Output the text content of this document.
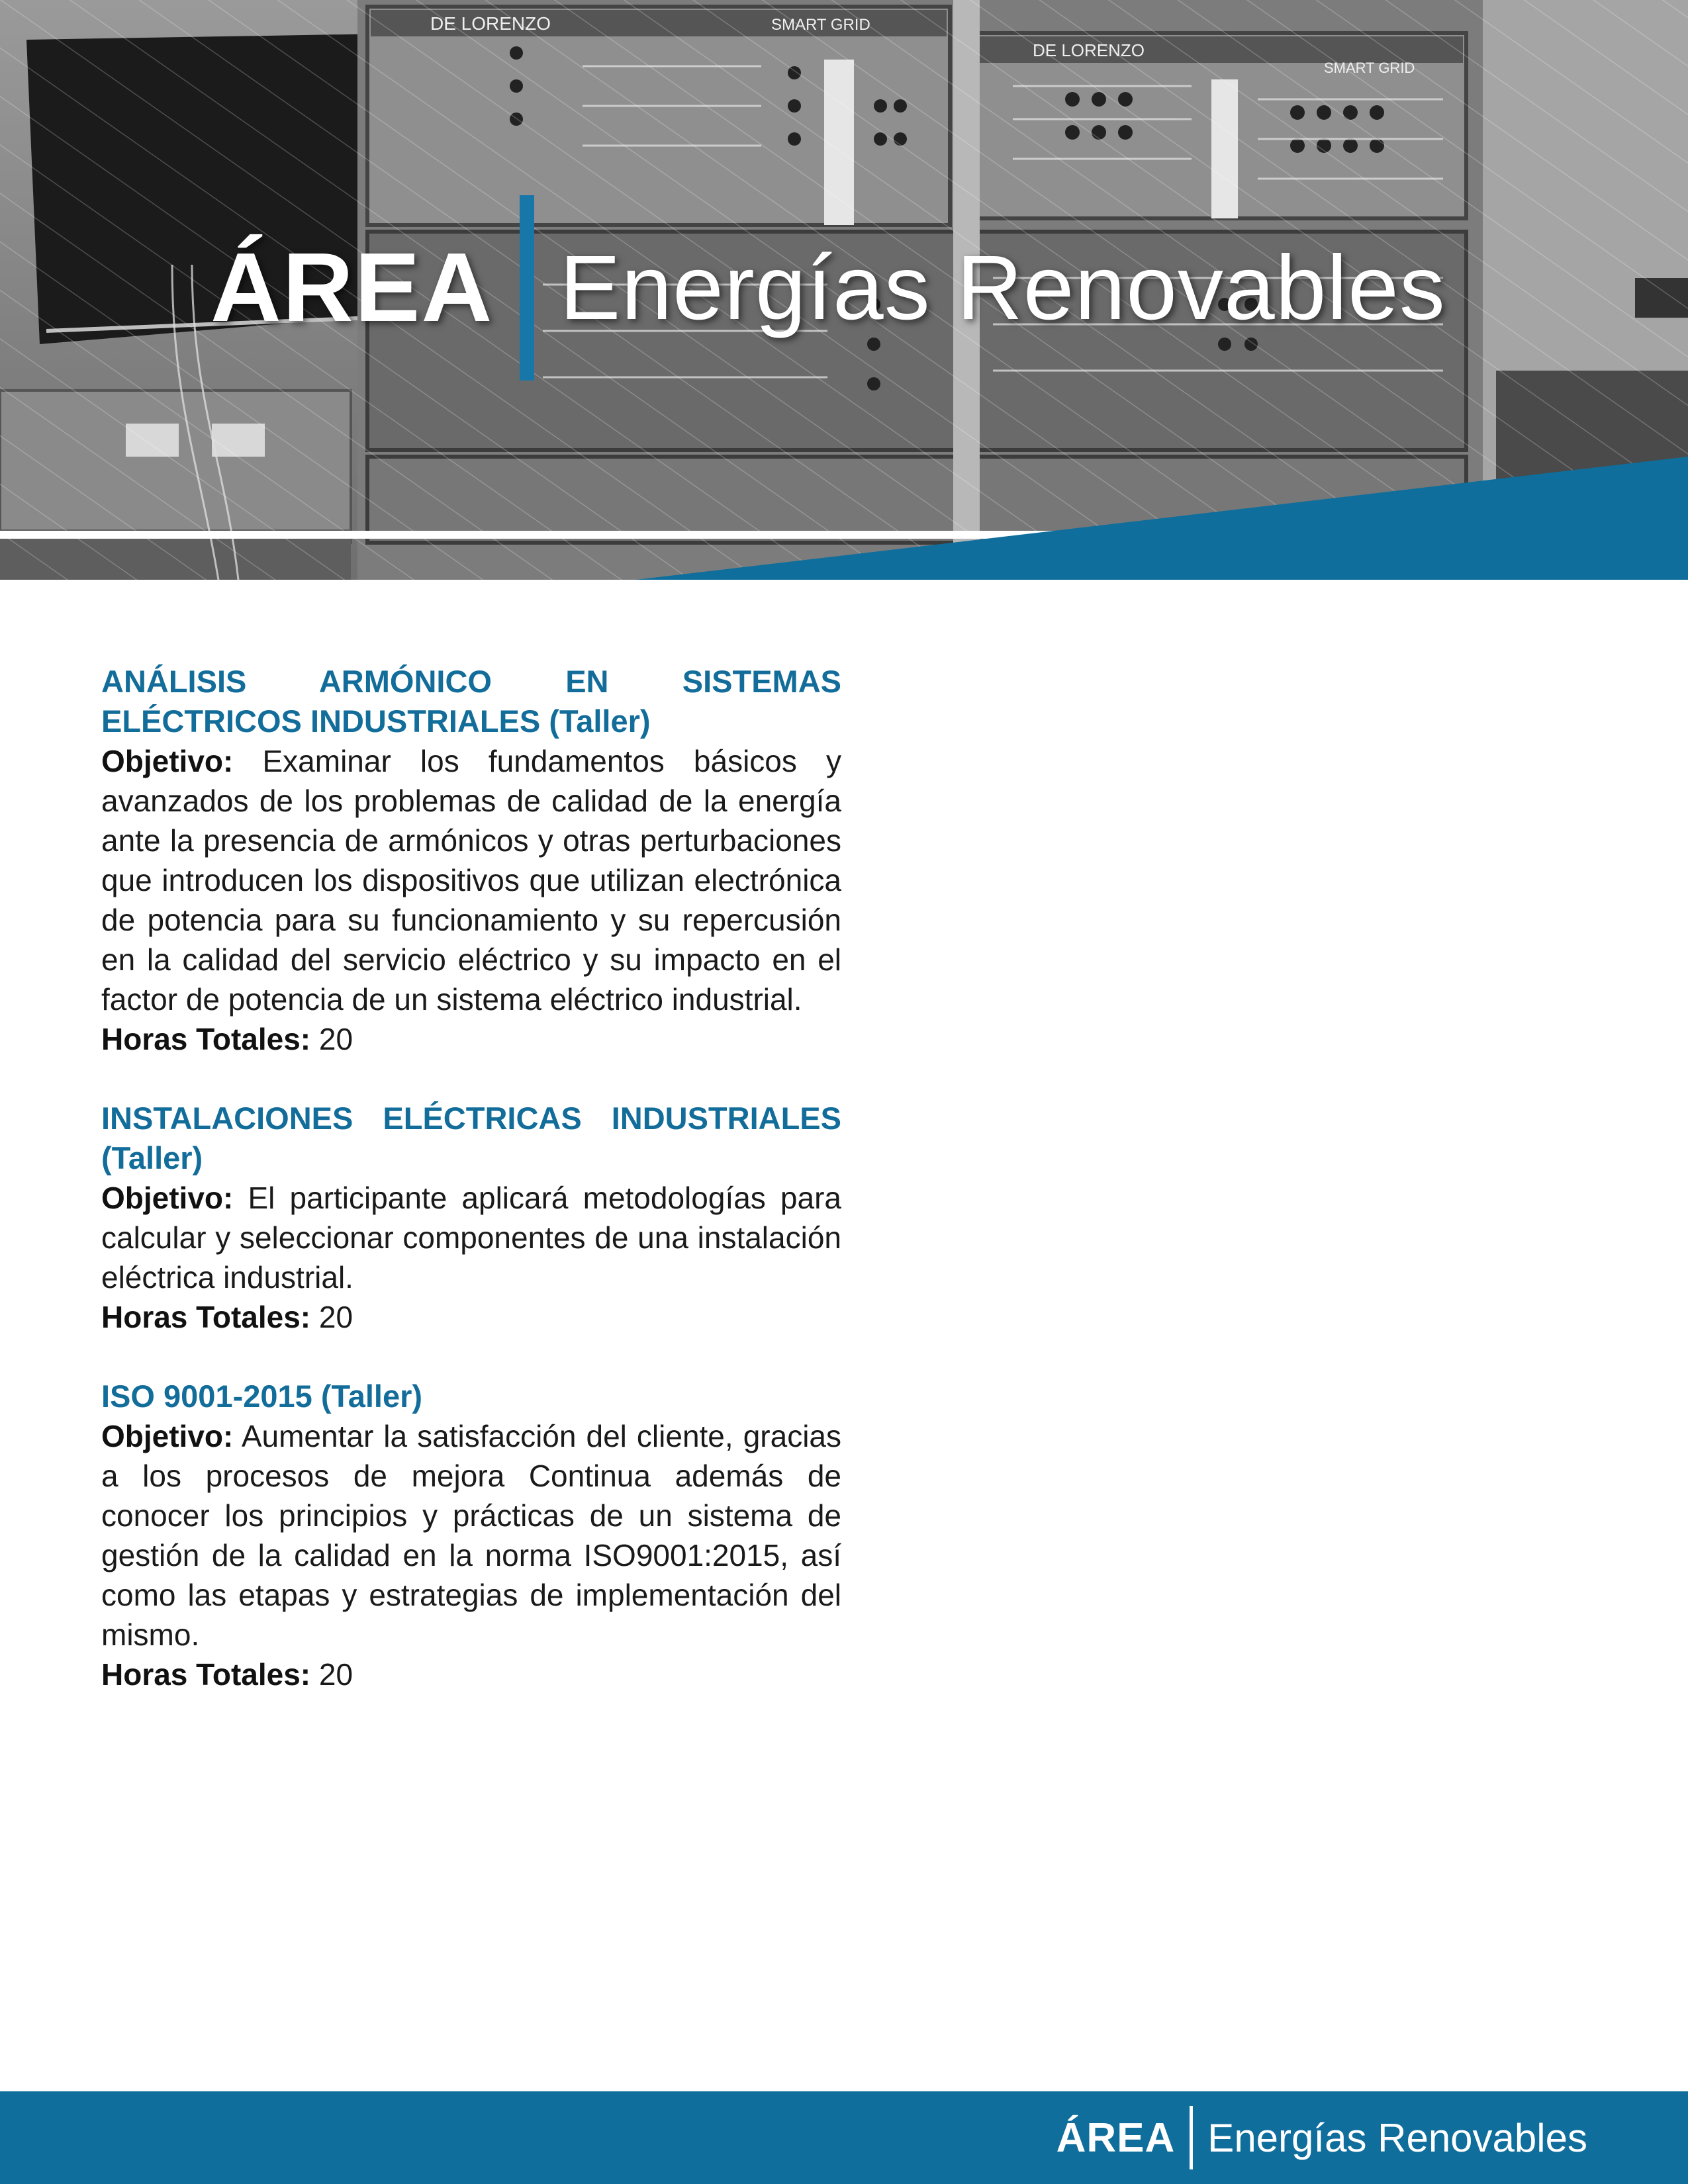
ÁREA Energías Renovables
ANÁLISIS ARMÓNICO EN SISTEMAS ELÉCTRICOS INDUSTRIALES (Taller)
Objetivo: Examinar los fundamentos básicos y avanzados de los problemas de calidad de la energía ante la presencia de armónicos y otras perturbaciones que introducen los dispositivos que utilizan electrónica de potencia para su funcionamiento y su repercusión en la calidad del servicio eléctrico y su impacto en el factor de potencia de un sistema eléctrico industrial.
Horas Totales: 20
INSTALACIONES ELÉCTRICAS INDUSTRIALES (Taller)
Objetivo: El participante aplicará metodologías para calcular y seleccionar componentes de una instalación eléctrica industrial.
Horas Totales: 20
ISO 9001-2015 (Taller)
Objetivo: Aumentar la satisfacción del cliente, gracias a los procesos de mejora Continua además de conocer los principios y prácticas de un sistema de gestión de la calidad en la norma ISO9001:2015, así como las etapas y estrategias de implementación del mismo.
Horas Totales: 20
ÁREA Energías Renovables
